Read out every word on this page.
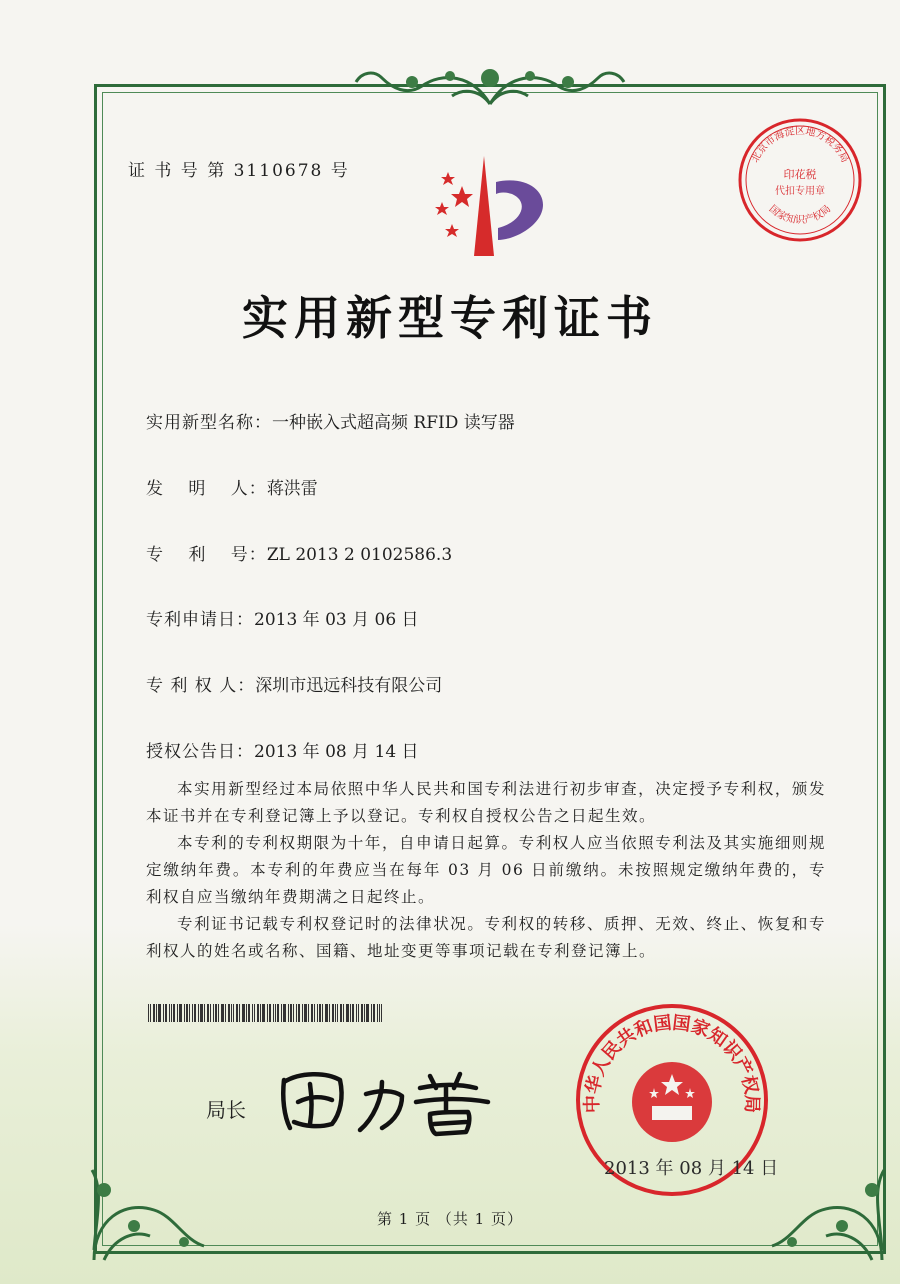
证 书 号 第 3110678 号
北京市海淀区地方税务局
印花税
代扣专用章
国家知识产权局
实用新型专利证书
实用新型名称：一种嵌入式超高频 RFID 读写器
发　 明　 人：蒋洪雷
专　 利　 号：ZL 2013 2 0102586.3
专利申请日：2013 年 03 月 06 日
专 利 权 人：深圳市迅远科技有限公司
授权公告日：2013 年 08 月 14 日
本实用新型经过本局依照中华人民共和国专利法进行初步审查，决定授予专利权，颁发本证书并在专利登记簿上予以登记。专利权自授权公告之日起生效。
本专利的专利权期限为十年，自申请日起算。专利权人应当依照专利法及其实施细则规定缴纳年费。本专利的年费应当在每年 03 月 06 日前缴纳。未按照规定缴纳年费的，专利权自应当缴纳年费期满之日起终止。
专利证书记载专利权登记时的法律状况。专利权的转移、质押、无效、终止、恢复和专利权人的姓名或名称、国籍、地址变更等事项记载在专利登记簿上。
局长	中华人民共和国国家知识产权局
2013 年 08 月 14 日
第 1 页 （共 1 页）
